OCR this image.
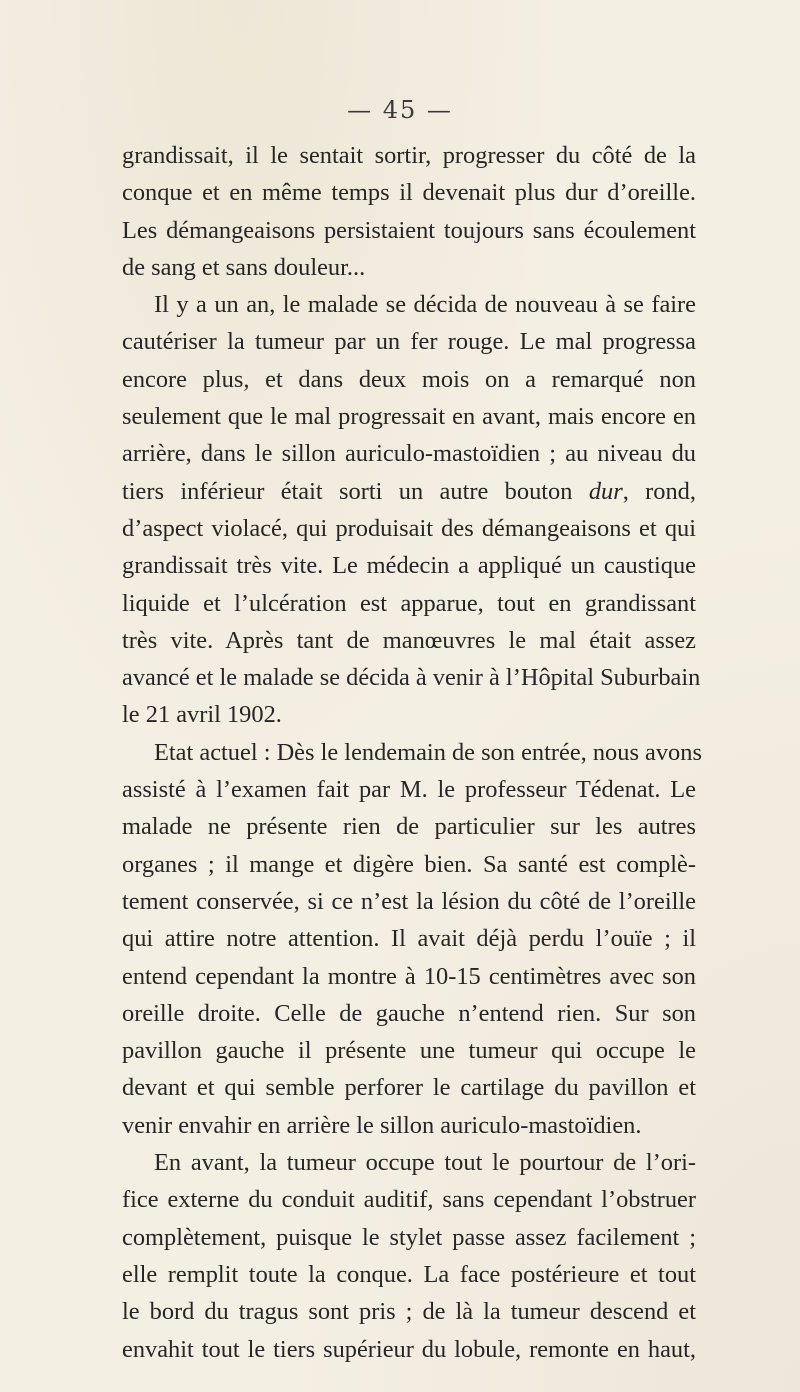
— 45 —
grandissait, il le sentait sortir, progresser du côté de la
conque et en même temps il devenait plus dur d’oreille.
Les démangeaisons persistaient toujours sans écoulement
de sang et sans douleur...
Il y a un an, le malade se décida de nouveau à se faire
cautériser la tumeur par un fer rouge. Le mal progressa
encore plus, et dans deux mois on a remarqué non
seulement que le mal progressait en avant, mais encore en
arrière, dans le sillon auriculo-mastoïdien ; au niveau du
tiers inférieur était sorti un autre bouton dur, rond,
d’aspect violacé, qui produisait des démangeaisons et qui
grandissait très vite. Le médecin a appliqué un caustique
liquide et l’ulcération est apparue, tout en grandissant
très vite. Après tant de manœuvres le mal était assez
avancé et le malade se décida à venir à l’Hôpital Suburbain
le 21 avril 1902.
Etat actuel : Dès le lendemain de son entrée, nous avons
assisté à l’examen fait par M. le professeur Tédenat. Le
malade ne présente rien de particulier sur les autres
organes ; il mange et digère bien. Sa santé est complè-
tement conservée, si ce n’est la lésion du côté de l’oreille
qui attire notre attention. Il avait déjà perdu l’ouïe ; il
entend cependant la montre à 10-15 centimètres avec son
oreille droite. Celle de gauche n’entend rien. Sur son
pavillon gauche il présente une tumeur qui occupe le
devant et qui semble perforer le cartilage du pavillon et
venir envahir en arrière le sillon auriculo-mastoïdien.
En avant, la tumeur occupe tout le pourtour de l’ori-
fice externe du conduit auditif, sans cependant l’obstruer
complètement, puisque le stylet passe assez facilement ;
elle remplit toute la conque. La face postérieure et tout
le bord du tragus sont pris ; de là la tumeur descend et
envahit tout le tiers supérieur du lobule, remonte en haut,
